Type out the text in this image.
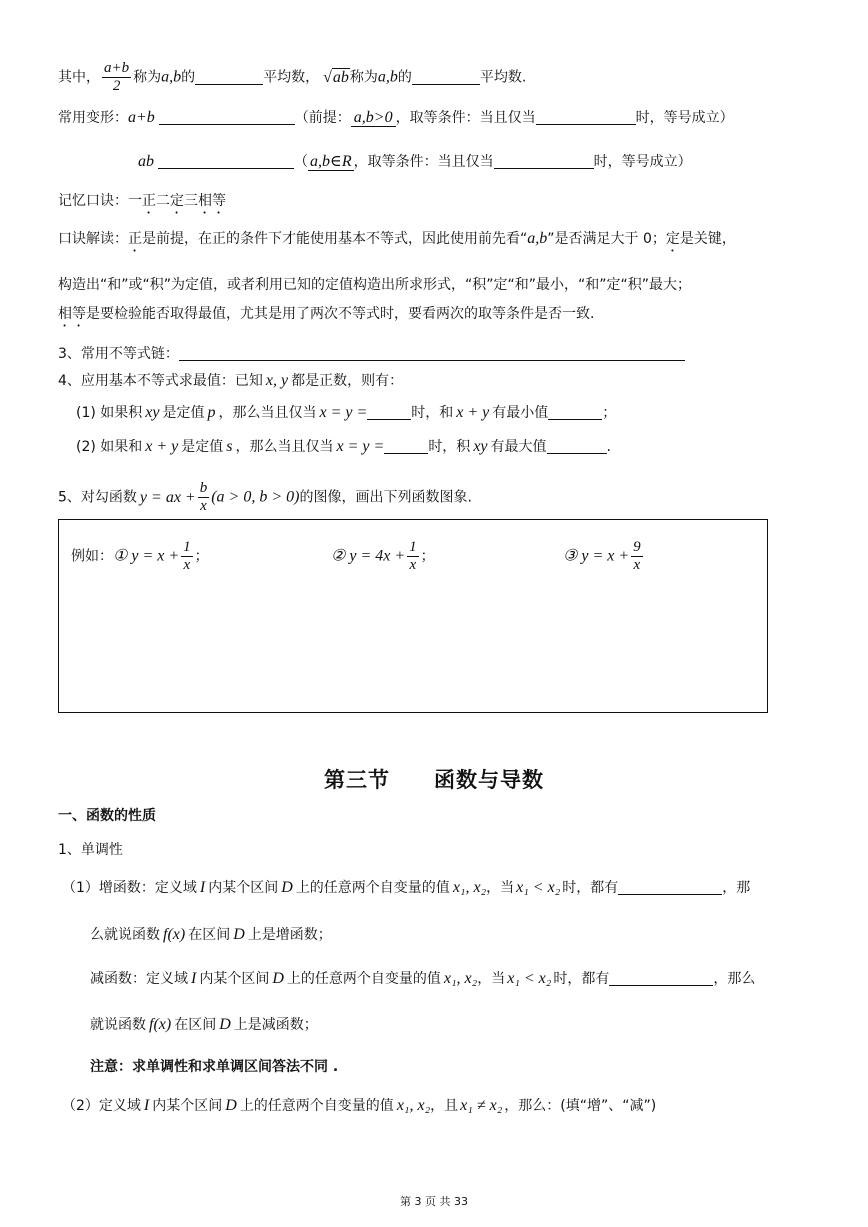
其中， $\frac{a+b}{2}$ 称为a,b的	平均数， √ab称为a,b的	平均数.
常用变形：a+b	（前提： a,b>0 ，取等条件：当且仅当	时，等号成立）
ab	（ a,b∈R ，取等条件：当且仅当	时，等号成立）
记忆口诀：一正二定三相等
口诀解读：正是前提，在正的条件下才能使用基本不等式，因此使用前先看“a,b”是否满足大于 0；定是关键，
构造出“和”或“积”为定值，或者利用已知的定值构造出所求形式，“积”定“和”最小，“和”定“积”最大；
相等是要检验能否取得最值，尤其是用了两次不等式时，要看两次的取等条件是否一致.
3、常用不等式链：
4、应用基本不等式求最值：已知 x, y 都是正数，则有：
(1) 如果积 xy 是定值 p ，那么当且仅当 x = y =	时，和 x + y 有最小值	；
(2) 如果和 x + y 是定值 s ，那么当且仅当 x = y =	时，积 xy 有最大值	.
5、对勾函数 y = ax + $\frac{b}{x} (a > 0$, b > 0)的图像，画出下列函数图象.
例如：① $y = x + \frac{1}{x}$ ；	② $y = 4x + \frac{1}{x}$ ；	③ $y = x + \frac{9}{x}$
第三节　　函数与导数
一、函数的性质
1、单调性
（1）增函数：定义域 I 内某个区间 D 上的任意两个自变量的值 x₁, x₂，当 x₁ < x₂ 时，都有	，那
么就说函数 f(x) 在区间 D 上是增函数；
减函数：定义域 I 内某个区间 D 上的任意两个自变量的值 x₁, x₂，当 x₁ < x₂ 时，都有	，那么
就说函数 f(x) 在区间 D 上是减函数；
注意：求单调性和求单调区间答法不同 .
（2）定义域 I 内某个区间 D 上的任意两个自变量的值 x₁, x₂，且 x₁ ≠ x₂ ，那么：(填“增”、“减”)
第 3 页 共 33
